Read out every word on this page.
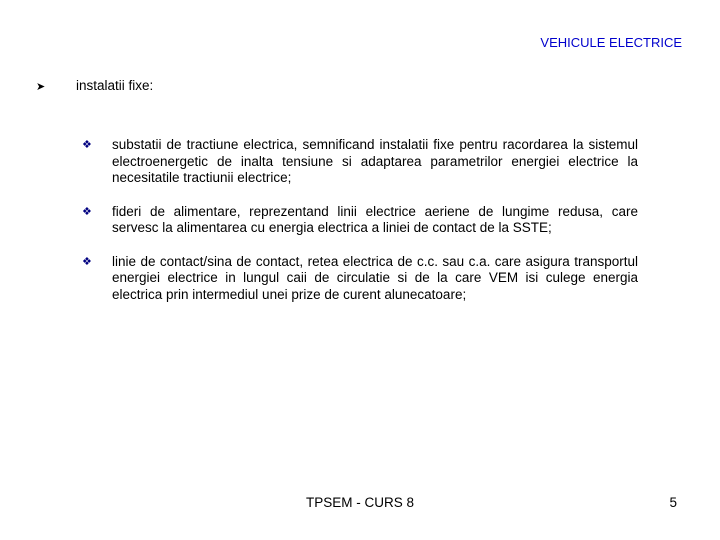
VEHICULE ELECTRICE
➤	instalatii fixe:
❖	substatii de tractiune electrica, semnificand instalatii fixe pentru racordarea la sistemul electroenergetic de inalta tensiune si adaptarea parametrilor energiei electrice la necesitatile tractiunii electrice;
❖	fideri de alimentare, reprezentand linii electrice aeriene de lungime redusa, care servesc la alimentarea cu energia electrica a liniei de contact de la SSTE;
❖	linie de contact/sina de contact, retea electrica de c.c. sau c.a. care asigura transportul energiei electrice in lungul caii de circulatie si de la care VEM isi culege energia electrica prin intermediul unei prize de curent alunecatoare;
TPSEM - CURS 8	5
